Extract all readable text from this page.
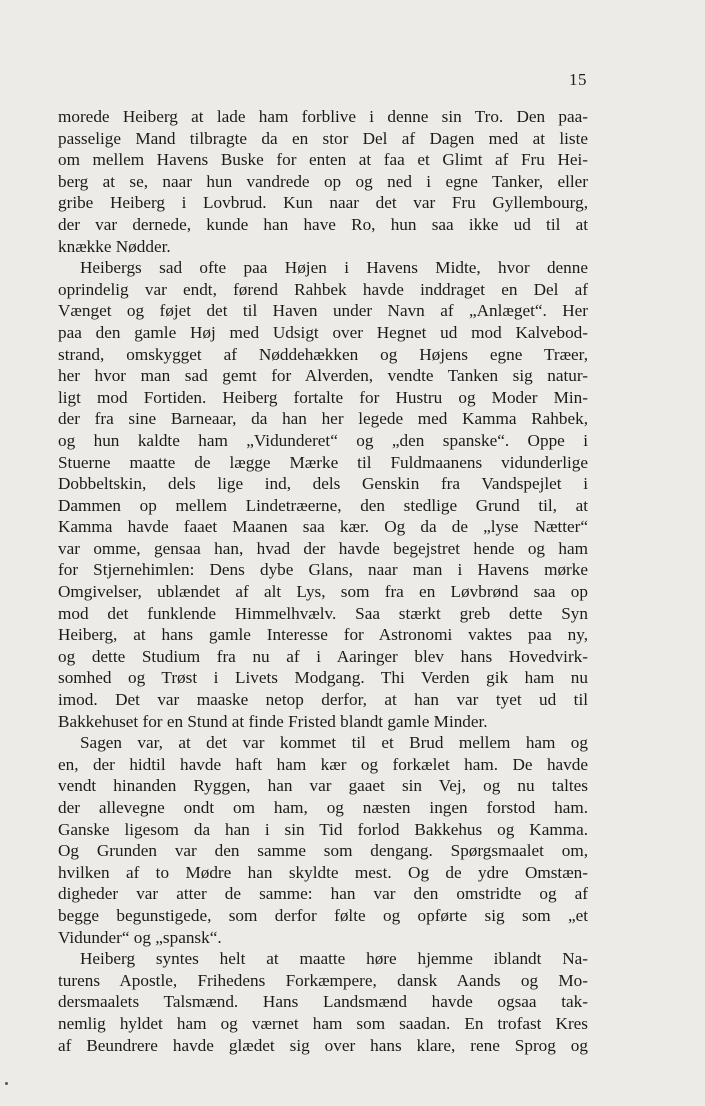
15
morede Heiberg at lade ham forblive i denne sin Tro. Den paa-
passelige Mand tilbragte da en stor Del af Dagen med at liste
om mellem Havens Buske for enten at faa et Glimt af Fru Hei-
berg at se, naar hun vandrede op og ned i egne Tanker, eller
gribe Heiberg i Lovbrud. Kun naar det var Fru Gyllembourg,
der var dernede, kunde han have Ro, hun saa ikke ud til at
knække Nødder.
Heibergs sad ofte paa Højen i Havens Midte, hvor denne
oprindelig var endt, førend Rahbek havde inddraget en Del af
Vænget og føjet det til Haven under Navn af „Anlæget“. Her
paa den gamle Høj med Udsigt over Hegnet ud mod Kalvebod-
strand, omskygget af Nøddehækken og Højens egne Træer,
her hvor man sad gemt for Alverden, vendte Tanken sig natur-
ligt mod Fortiden. Heiberg fortalte for Hustru og Moder Min-
der fra sine Barneaar, da han her legede med Kamma Rahbek,
og hun kaldte ham „Vidunderet“ og „den spanske“. Oppe i
Stuerne maatte de lægge Mærke til Fuldmaanens vidunderlige
Dobbeltskin, dels lige ind, dels Genskin fra Vandspejlet i
Dammen op mellem Lindetræerne, den stedlige Grund til, at
Kamma havde faaet Maanen saa kær. Og da de „lyse Nætter“
var omme, gensaa han, hvad der havde begejstret hende og ham
for Stjernehimlen: Dens dybe Glans, naar man i Havens mørke
Omgivelser, ublændet af alt Lys, som fra en Løvbrønd saa op
mod det funklende Himmelhvælv. Saa stærkt greb dette Syn
Heiberg, at hans gamle Interesse for Astronomi vaktes paa ny,
og dette Studium fra nu af i Aaringer blev hans Hovedvirk-
somhed og Trøst i Livets Modgang. Thi Verden gik ham nu
imod. Det var maaske netop derfor, at han var tyet ud til
Bakkehuset for en Stund at finde Fristed blandt gamle Minder.
Sagen var, at det var kommet til et Brud mellem ham og
en, der hidtil havde haft ham kær og forkælet ham. De havde
vendt hinanden Ryggen, han var gaaet sin Vej, og nu taltes
der allevegne ondt om ham, og næsten ingen forstod ham.
Ganske ligesom da han i sin Tid forlod Bakkehus og Kamma.
Og Grunden var den samme som dengang. Spørgsmaalet om,
hvilken af to Mødre han skyldte mest. Og de ydre Omstæn-
digheder var atter de samme: han var den omstridte og af
begge begunstigede, som derfor følte og opførte sig som „et
Vidunder“ og „spansk“.
Heiberg syntes helt at maatte høre hjemme iblandt Na-
turens Apostle, Frihedens Forkæmpere, dansk Aands og Mo-
dersmaalets Talsmænd. Hans Landsmænd havde ogsaa tak-
nemlig hyldet ham og værnet ham som saadan. En trofast Kres
af Beundrere havde glædet sig over hans klare, rene Sprog og
